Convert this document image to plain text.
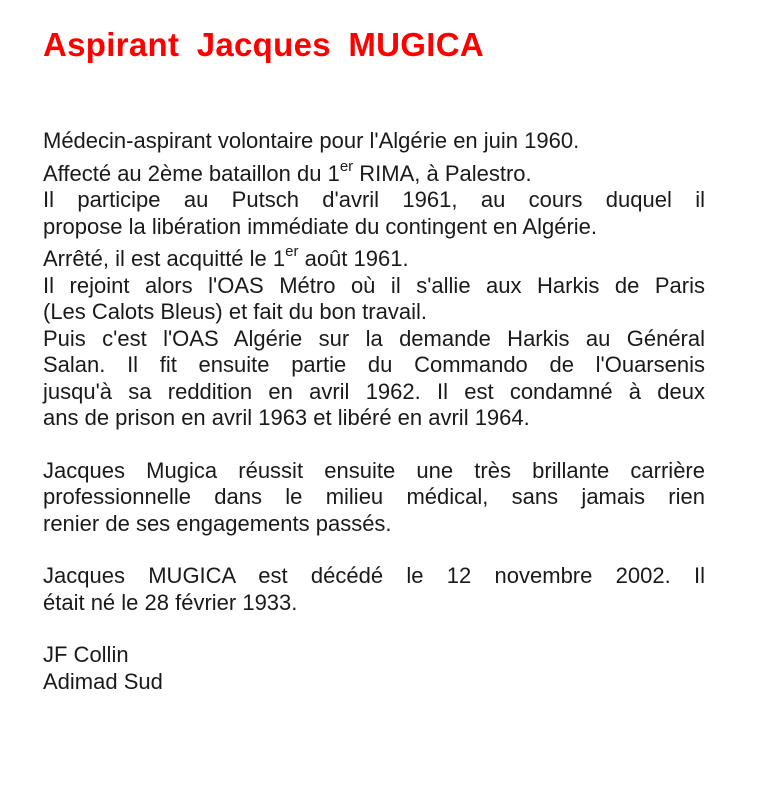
Aspirant Jacques MUGICA

Médecin-aspirant volontaire pour l'Algérie en juin 1960.

Affecté au 2ème bataillon du 1er RIMA, à Palestro.

Il participe au Putsch d'avril 1961, au cours duquel il

propose la libération immédiate du contingent en Algérie.

Arrêté, il est acquitté le 1er août 1961.

Il rejoint alors l'OAS Métro où il s'allie aux Harkis de Paris

(Les Calots Bleus) et fait du bon travail.

Puis c'est l'OAS Algérie sur la demande Harkis au Général

Salan. Il fit ensuite partie du Commando de l'Ouarsenis

jusqu'à sa reddition en avril 1962. Il est condamné à deux

ans de prison en avril 1963 et libéré en avril 1964.

Jacques Mugica réussit ensuite une très brillante carrière

professionnelle dans le milieu médical, sans jamais rien

renier de ses engagements passés.

Jacques MUGICA est décédé le 12 novembre 2002. Il

était né le 28 février 1933.

JF Collin

Adimad Sud
